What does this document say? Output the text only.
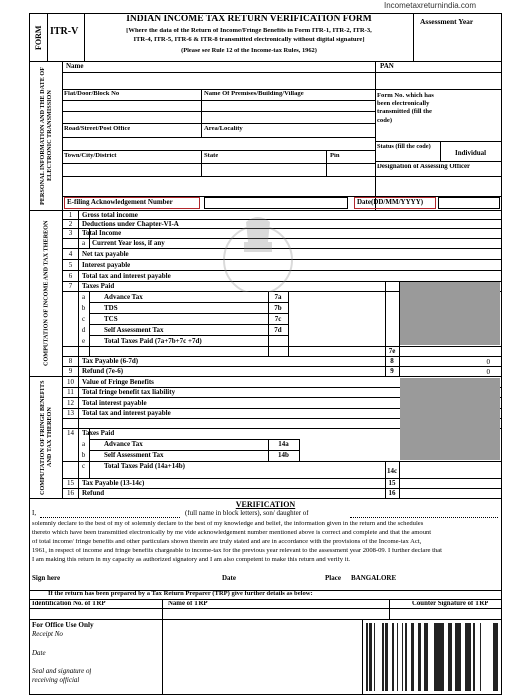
Incometaxreturnindia.com
FORM ITR-V
INDIAN INCOME TAX RETURN VERIFICATION FORM
[Where the data of the Return of Income/Fringe Benefits in Form ITR-1, ITR-2, ITR-3,
ITR-4, ITR-5, ITR-6 & ITR-8 transmitted electronically without digital signature]
(Please see Rule 12 of the Income-tax Rules, 1962)
Assessment Year
PERSONAL INFORMATION AND THE DATE OF ELECTRONIC TRANSMISSION
Name	PAN
Flat/Door/Block No	Name Of Premises/Building/Village	Form No. which has been electronically transmitted (fill the code)
Road/Street/Post Office	Area/Locality
Status (fill the code)
Individual
Town/City/District	State	Pin
Designation of Assessing Officer
E-filing Acknowledgement Number	Date(DD/MM/YYYY)
COMPUTATION OF INCOME AND TAX THEREON
1	Gross total income
2	Deductions under Chapter-VI-A
3	Total Income
a Current Year loss, if any
4	Net tax payable
5	Interest payable
6	Total tax and interest payable
7	Taxes Paid
a	Advance Tax	7a
b	TDS	7b
c	TCS	7c
d	Self Assessment Tax	7d
e	Total Taxes Paid (7a+7b+7c +7d)
7e
8	Tax Payable (6-7d)	8	0
9	Refund (7e-6)	9	0
COMPUTATION OF FRINGE BENEFITS AND TAX THEREON
10	Value of Fringe Benefits
11	Total fringe benefit tax liability
12	Total interest payable
13	Total tax and interest payable
14	Taxes Paid
a	Advance Tax	14a
b	Self Assessment Tax	14b
c	Total Taxes Paid (14a+14b)
14c
15	Tax Payable (13-14c)	15
16	Refund	16
VERIFICATION
I,	(full name in block letters), son/ daughter of
solemnly declare to the best of my of solemnly declare to the best of my knowledge and belief, the information given in the return and the schedules
thereto which have been transmitted electronically by me vide acknowledgement number mentioned above is correct and complete and that the amount
of total income/ fringe benefits and other particulars shown therein are truly stated and are in accordance with the provisions of the Income-tax Act,
1961, in respect of income and fringe benefits chargeable to income-tax for the previous year relevant to the assessment year 2008-09. I further declare that
I am making this return in my capacity as authorized signatory and I am also competent to make this return and verify it.
Sign here	Date	Place BANGALORE
If the return has been prepared by a Tax Return Preparer (TRP) give further details as below:
Identification No. of TRP	Name of TRP	Counter Signature of TRP
For Office Use Only
Receipt No
Date
Seal and signature of
receiving official
